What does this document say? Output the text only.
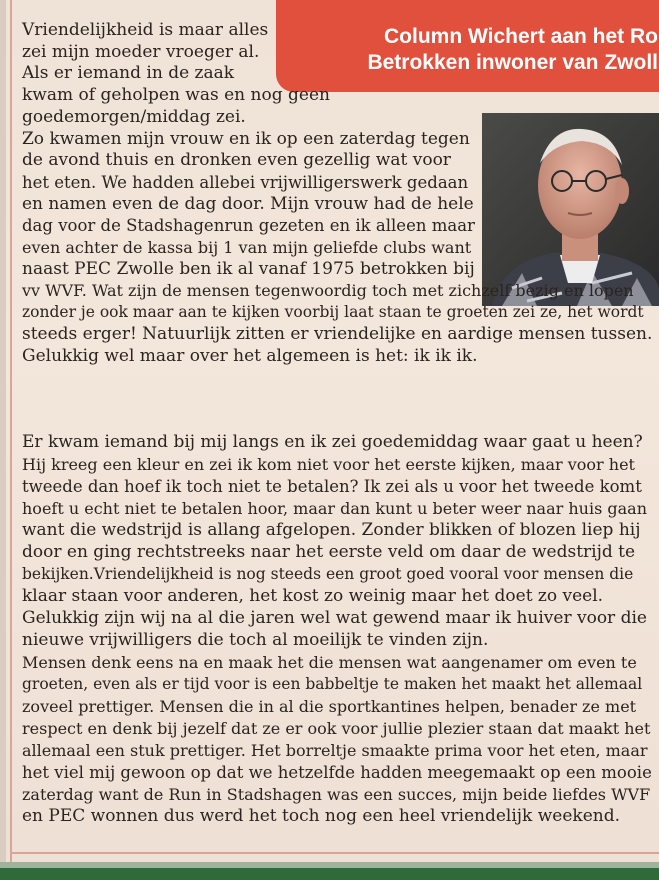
Column Wichert aan het Ro
Betrokken inwoner van Zwoll

Vriendelijkheid is maar alles

zei mijn moeder vroeger al.

Als er iemand in de zaak

kwam of geholpen was en nog geen

goedemorgen/middag zei.

Zo kwamen mijn vrouw en ik op een zaterdag tegen

de avond thuis en dronken even gezellig wat voor

het eten. We hadden allebei vrijwilligerswerk gedaan

en namen even de dag door. Mijn vrouw had de hele

dag voor de Stadshagenrun gezeten en ik alleen maar

even achter de kassa bij 1 van mijn geliefde clubs want

naast PEC Zwolle ben ik al vanaf 1975 betrokken bij

vv WVF. Wat zijn de mensen tegenwoordig toch met zichzelf bezig en lopen

zonder je ook maar aan te kijken voorbij laat staan te groeten zei ze, het wordt

steeds erger! Natuurlijk zitten er vriendelijke en aardige mensen tussen.

Gelukkig wel maar over het algemeen is het: ik ik ik.

Er kwam iemand bij mij langs en ik zei goedemiddag waar gaat u heen?

Hij kreeg een kleur en zei ik kom niet voor het eerste kijken, maar voor het

tweede dan hoef ik toch niet te betalen? Ik zei als u voor het tweede komt

hoeft u echt niet te betalen hoor, maar dan kunt u beter weer naar huis gaan

want die wedstrijd is allang afgelopen. Zonder blikken of blozen liep hij

door en ging rechtstreeks naar het eerste veld om daar de wedstrijd te

bekijken.Vriendelijkheid is nog steeds een groot goed vooral voor mensen die

klaar staan voor anderen, het kost zo weinig maar het doet zo veel.

Gelukkig zijn wij na al die jaren wel wat gewend maar ik huiver voor die

nieuwe vrijwilligers die toch al moeilijk te vinden zijn.

Mensen denk eens na en maak het die mensen wat aangenamer om even te

groeten, even als er tijd voor is een babbeltje te maken het maakt het allemaal

zoveel prettiger. Mensen die in al die sportkantines helpen, benader ze met

respect en denk bij jezelf dat ze er ook voor jullie plezier staan dat maakt het

allemaal een stuk prettiger. Het borreltje smaakte prima voor het eten, maar

het viel mij gewoon op dat we hetzelfde hadden meegemaakt op een mooie

zaterdag want de Run in Stadshagen was een succes, mijn beide liefdes WVF

en PEC wonnen dus werd het toch nog een heel vriendelijk weekend.
